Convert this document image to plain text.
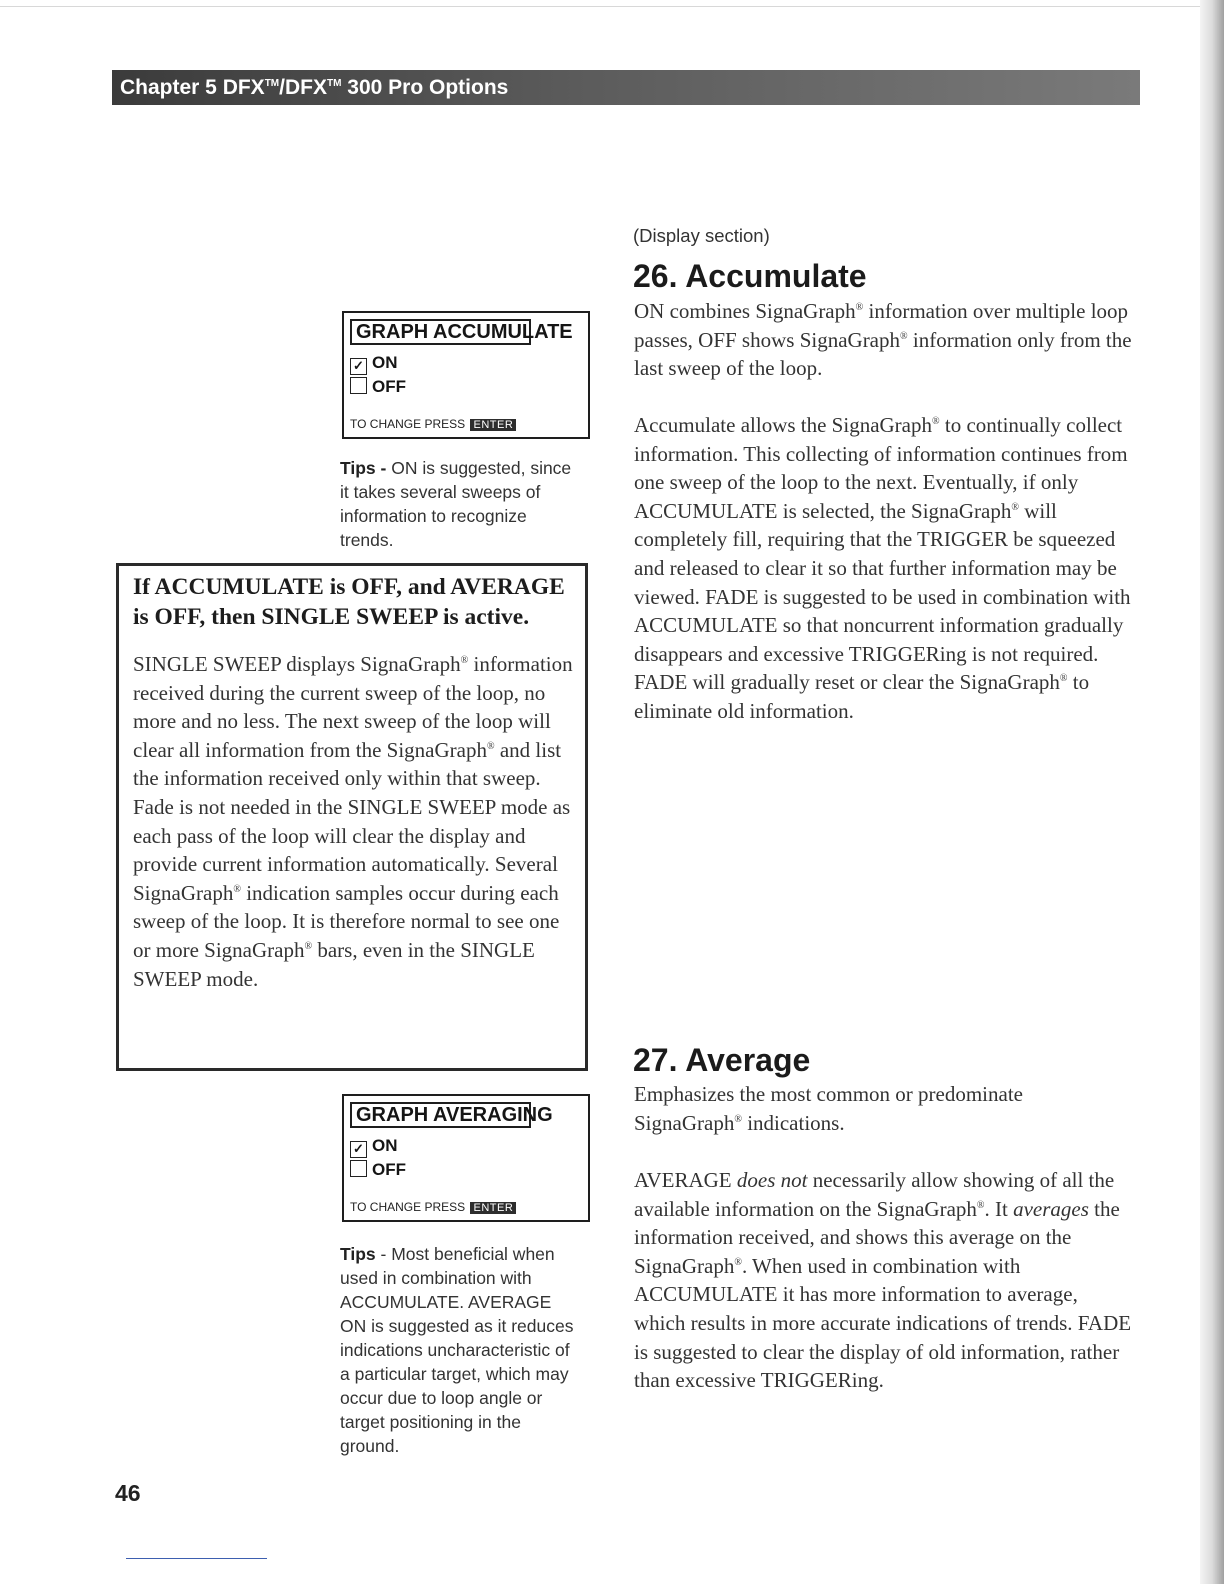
Chapter 5 DFX™/DFX™ 300 Pro Options
GRAPH ACCUMULATE
✓ ON
OFF
TO CHANGE PRESS ENTER
Tips - ON is suggested, since it takes several sweeps of information to recognize trends.

If ACCUMULATE is OFF, and AVERAGE is OFF, then SINGLE SWEEP is active.

SINGLE SWEEP displays SignaGraph® information received during the current sweep of the loop, no more and no less. The next sweep of the loop will clear all information from the SignaGraph® and list the information received only within that sweep. Fade is not needed in the SINGLE SWEEP mode as each pass of the loop will clear the display and provide current information automatically. Several SignaGraph® indication samples occur during each sweep of the loop. It is therefore normal to see one or more SignaGraph® bars, even in the SINGLE SWEEP mode.

(Display section)
26. Accumulate

ON combines SignaGraph® information over multiple loop passes, OFF shows SignaGraph® information only from the last sweep of the loop.

Accumulate allows the SignaGraph® to continually collect information. This collecting of information continues from one sweep of the loop to the next. Eventually, if only ACCUMULATE is selected, the SignaGraph® will completely fill, requiring that the TRIGGER be squeezed and released to clear it so that further information may be viewed. FADE is suggested to be used in combination with ACCUMULATE so that noncurrent information gradually disappears and excessive TRIGGERing is not required. FADE will gradually reset or clear the SignaGraph® to eliminate old information.

GRAPH AVERAGING
✓ ON
OFF
TO CHANGE PRESS ENTER
Tips - Most beneficial when used in combination with ACCUMULATE. AVERAGE ON is suggested as it reduces indications uncharacteristic of a particular target, which may occur due to loop angle or target positioning in the ground.
27. Average

Emphasizes the most common or predominate SignaGraph® indications.

AVERAGE does not necessarily allow showing of all the available information on the SignaGraph®. It averages the information received, and shows this average on the SignaGraph®. When used in combination with ACCUMULATE it has more information to average, which results in more accurate indications of trends. FADE is suggested to clear the display of old information, rather than excessive TRIGGERing.

46
